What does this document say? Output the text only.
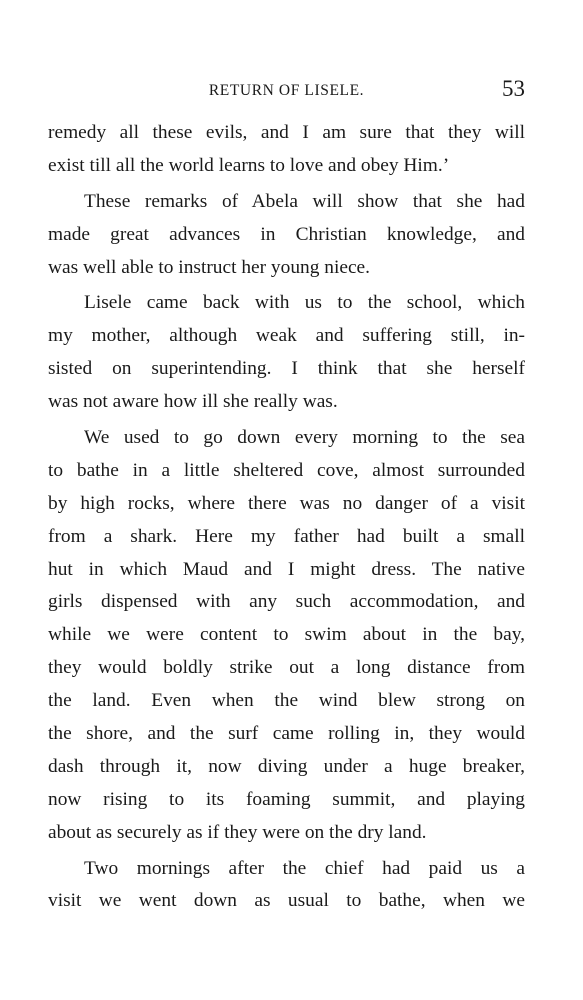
RETURN OF LISELE.	53

remedy all these evils, and I am sure that they will
exist till all the world learns to love and obey Him.’

These remarks of Abela will show that she had
made great advances in Christian knowledge, and
was well able to instruct her young niece.

Lisele came back with us to the school, which
my mother, although weak and suffering still, in-
sisted on superintending. I think that she herself
was not aware how ill she really was.

We used to go down every morning to the sea
to bathe in a little sheltered cove, almost surrounded
by high rocks, where there was no danger of a visit
from a shark. Here my father had built a small
hut in which Maud and I might dress. The native
girls dispensed with any such accommodation, and
while we were content to swim about in the bay,
they would boldly strike out a long distance from
the land. Even when the wind blew strong on
the shore, and the surf came rolling in, they would
dash through it, now diving under a huge breaker,
now rising to its foaming summit, and playing
about as securely as if they were on the dry land.

Two mornings after the chief had paid us a
visit we went down as usual to bathe, when we
